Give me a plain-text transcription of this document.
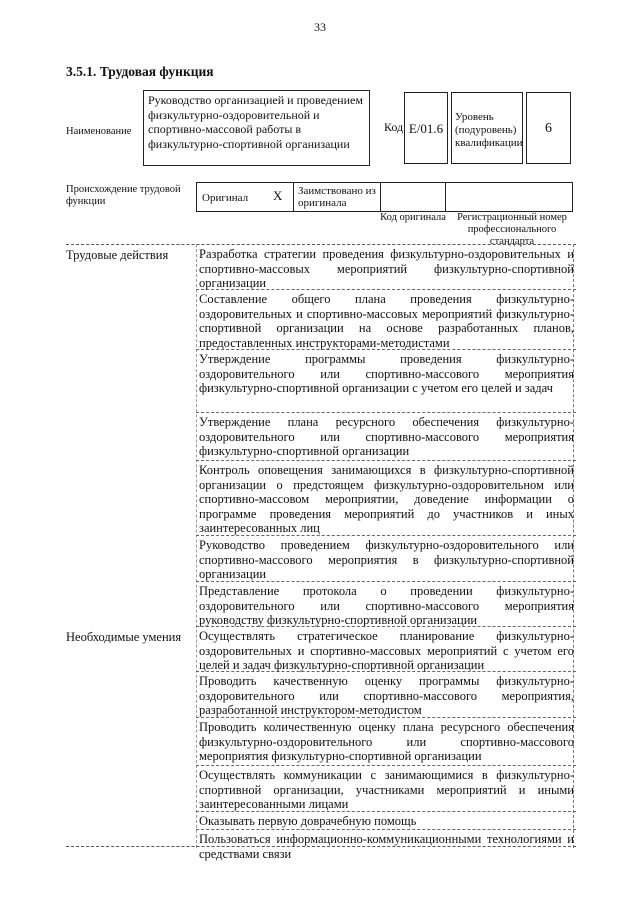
33
3.5.1. Трудовая функция
Наименование
Руководство организацией и проведением физкультурно-оздоровительной и спортивно-массовой работы в физкультурно-спортивной организации
Код E/01.6
Уровень (подуровень) квалификации
6
Происхождение трудовой функции	Оригинал X Заимствовано из оригинала
Код оригинала	Регистрационный номер профессионального стандарта
Трудовые действия Разработка стратегии проведения физкультурно-оздоровительных и спортивно-массовых мероприятий физкультурно-спортивной организации
Составление общего плана проведения физкультурно-оздоровительных и спортивно-массовых мероприятий физкультурно-спортивной организации на основе разработанных планов, предоставленных инструкторами-методистами
Утверждение программы проведения физкультурно-оздоровительного или спортивно-массового мероприятия физкультурно-спортивной организации с учетом его целей и задач
Утверждение плана ресурсного обеспечения физкультурно-оздоровительного или спортивно-массового мероприятия физкультурно-спортивной организации
Контроль оповещения занимающихся в физкультурно-спортивной организации о предстоящем физкультурно-оздоровительном или спортивно-массовом мероприятии, доведение информации о программе проведения мероприятий до участников и иных заинтересованных лиц
Руководство проведением физкультурно-оздоровительного или спортивно-массового мероприятия в физкультурно-спортивной организации
Представление протокола о проведении физкультурно-оздоровительного или спортивно-массового мероприятия руководству физкультурно-спортивной организации
Необходимые умения Осуществлять стратегическое планирование физкультурно-оздоровительных и спортивно-массовых мероприятий с учетом его целей и задач физкультурно-спортивной организации
Проводить качественную оценку программы физкультурно-оздоровительного или спортивно-массового мероприятия, разработанной инструктором-методистом
Проводить количественную оценку плана ресурсного обеспечения физкультурно-оздоровительного или спортивно-массового мероприятия физкультурно-спортивной организации
Осуществлять коммуникации с занимающимися в физкультурно-спортивной организации, участниками мероприятий и иными заинтересованными лицами
Оказывать первую доврачебную помощь
Пользоваться информационно-коммуникационными технологиями и средствами связи
